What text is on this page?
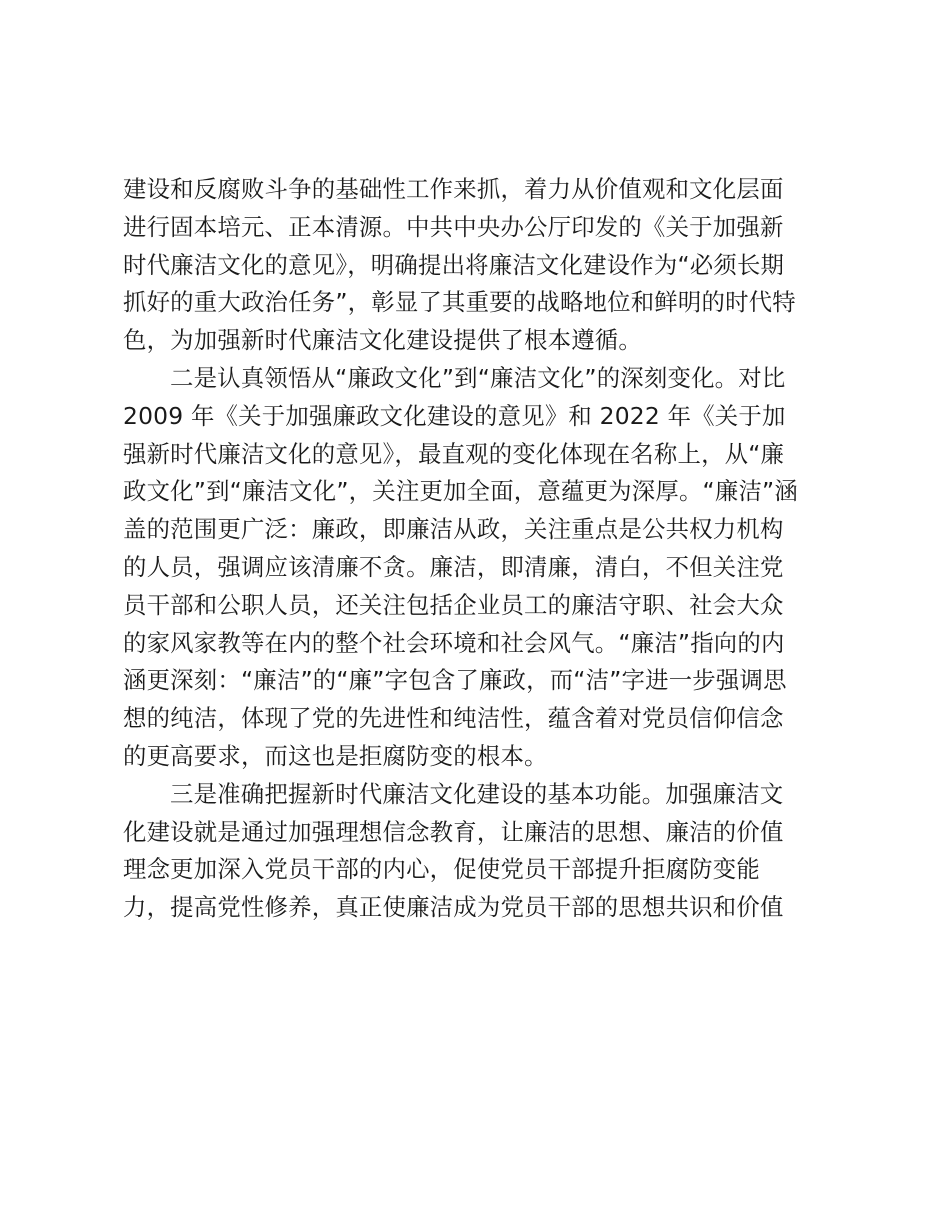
建设和反腐败斗争的基础性工作来抓，着力从价值观和文化层面
进行固本培元、正本清源。中共中央办公厅印发的《关于加强新
时代廉洁文化的意见》，明确提出将廉洁文化建设作为“必须长期
抓好的重大政治任务”，彰显了其重要的战略地位和鲜明的时代特
色，为加强新时代廉洁文化建设提供了根本遵循。
二是认真领悟从“廉政文化”到“廉洁文化”的深刻变化。对比
2009 年《关于加强廉政文化建设的意见》和 2022 年《关于加
强新时代廉洁文化的意见》，最直观的变化体现在名称上，从“廉
政文化”到“廉洁文化”，关注更加全面，意蕴更为深厚。“廉洁”涵
盖的范围更广泛：廉政，即廉洁从政，关注重点是公共权力机构
的人员，强调应该清廉不贪。廉洁，即清廉，清白，不但关注党
员干部和公职人员，还关注包括企业员工的廉洁守职、社会大众
的家风家教等在内的整个社会环境和社会风气。“廉洁”指向的内
涵更深刻：“廉洁”的“廉”字包含了廉政，而“洁”字进一步强调思
想的纯洁，体现了党的先进性和纯洁性，蕴含着对党员信仰信念
的更高要求，而这也是拒腐防变的根本。
三是准确把握新时代廉洁文化建设的基本功能。加强廉洁文
化建设就是通过加强理想信念教育，让廉洁的思想、廉洁的价值
理念更加深入党员干部的内心，促使党员干部提升拒腐防变能
力，提高党性修养，真正使廉洁成为党员干部的思想共识和价值
